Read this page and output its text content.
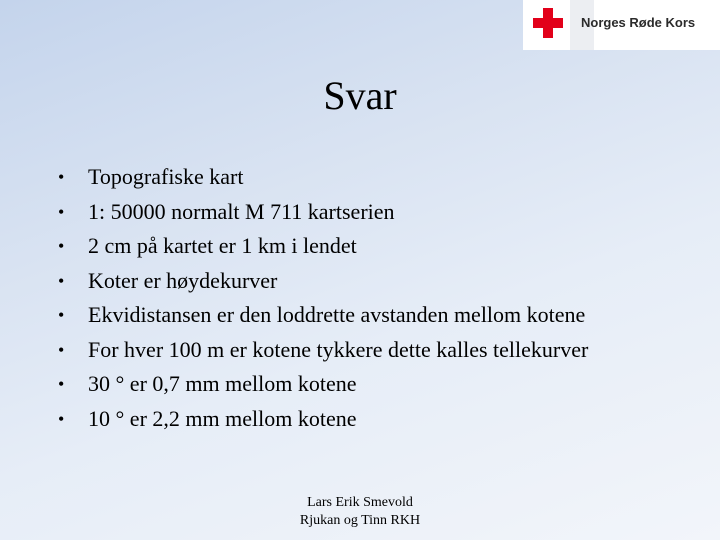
Norges Røde Kors
Svar
• Topografiske kart
• 1: 50000 normalt M 711 kartserien
• 2 cm på kartet er 1 km i lendet
• Koter er høydekurver
• Ekvidistansen er den loddrette avstanden mellom kotene
• For hver 100 m er kotene tykkere dette kalles tellekurver
• 30 ° er 0,7 mm mellom kotene
• 10 ° er 2,2 mm mellom kotene
Lars Erik Smevold
Rjukan og Tinn RKH
